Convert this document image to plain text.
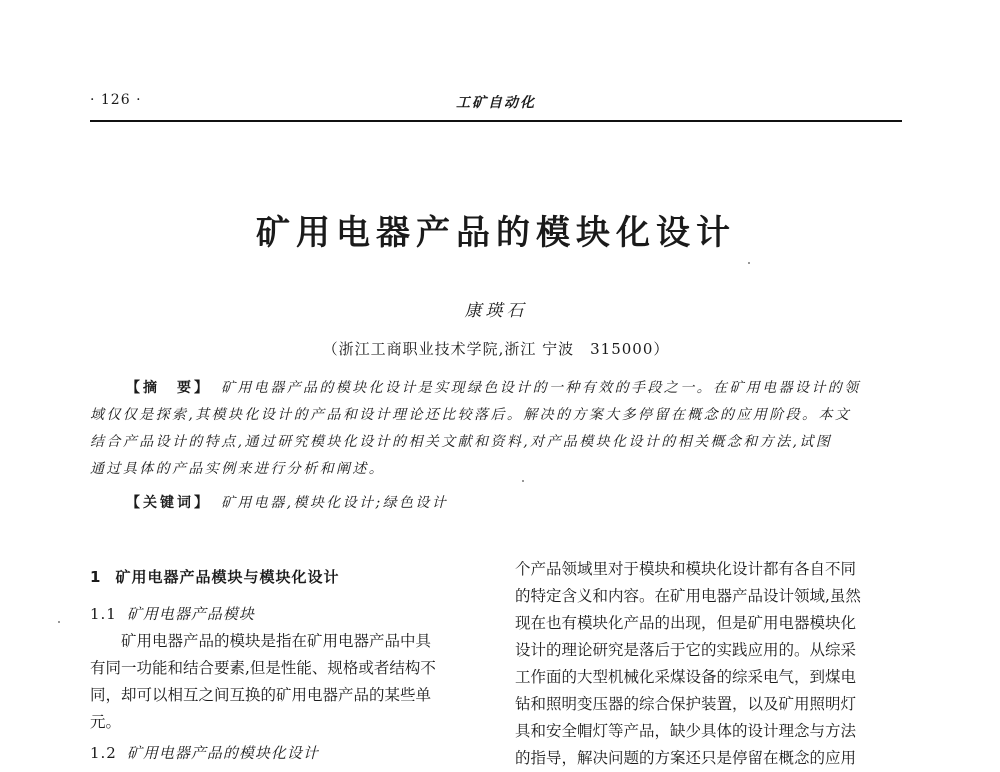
· 126 ·	工矿自动化
矿用电器产品的模块化设计
康瑛石
（浙江工商职业技术学院,浙江 宁波　315000）

【摘　要】 矿用电器产品的模块化设计是实现绿色设计的一种有效的手段之一。在矿用电器设计的领

域仅仅是探索,其模块化设计的产品和设计理论还比较落后。解决的方案大多停留在概念的应用阶段。本文
结合产品设计的特点,通过研究模块化设计的相关文献和资料,对产品模块化设计的相关概念和方法,试图
通过具体的产品实例来进行分析和阐述。
【关键词】 矿用电器,模块化设计;绿色设计
1 矿用电器产品模块与模块化设计
1.1 矿用电器产品模块

矿用电器产品的模块是指在矿用电器产品中具

有同一功能和结合要素,但是性能、规格或者结构不

同，却可以相互之间互换的矿用电器产品的某些单

元。

1.2 矿用电器产品的模块化设计

个产品领域里对于模块和模块化设计都有各自不同

的特定含义和内容。在矿用电器产品设计领域,虽然

现在也有模块化产品的出现，但是矿用电器模块化

设计的理论研究是落后于它的实践应用的。从综采

工作面的大型机械化采煤设备的综采电气，到煤电

钻和照明变压器的综合保护装置，以及矿用照明灯

具和安全帽灯等产品，缺少具体的设计理念与方法

的指导，解决问题的方案还只是停留在概念的应用
